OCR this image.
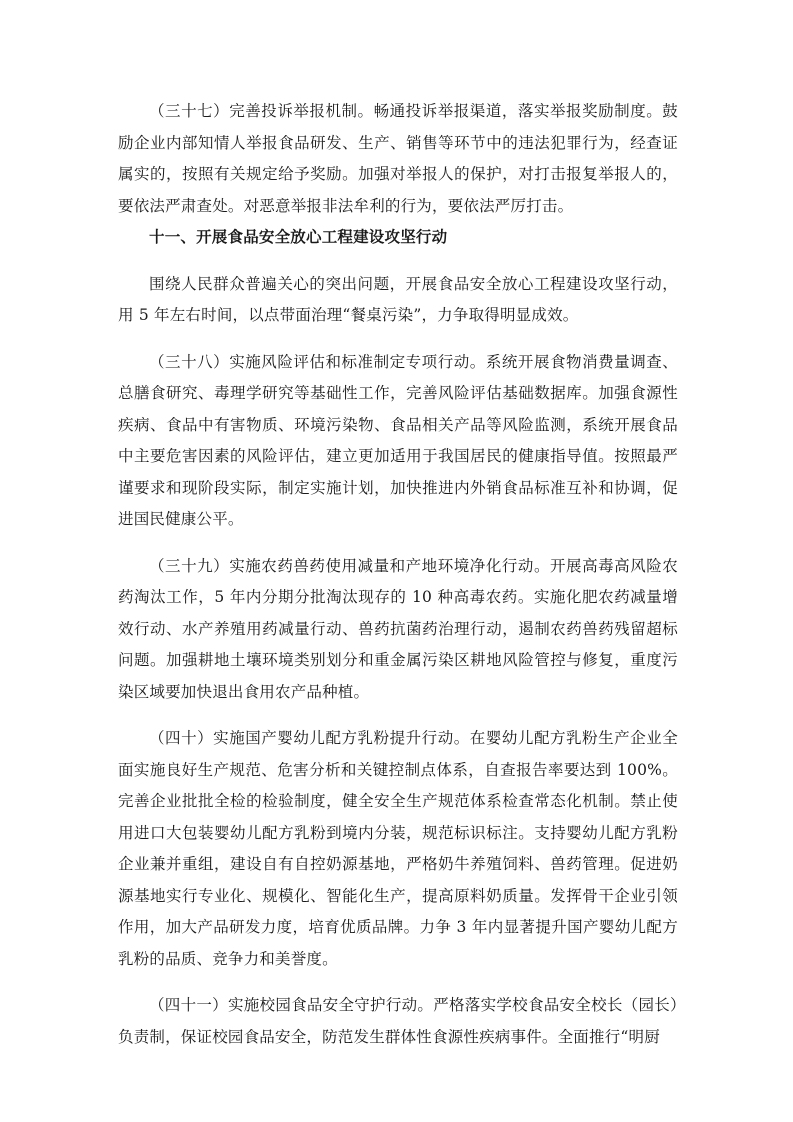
（三十七）完善投诉举报机制。畅通投诉举报渠道，落实举报奖励制度。鼓励企业内部知情人举报食品研发、生产、销售等环节中的违法犯罪行为，经查证属实的，按照有关规定给予奖励。加强对举报人的保护，对打击报复举报人的，要依法严肃查处。对恶意举报非法牟利的行为，要依法严厉打击。

十一、开展食品安全放心工程建设攻坚行动

围绕人民群众普遍关心的突出问题，开展食品安全放心工程建设攻坚行动，用 5 年左右时间，以点带面治理“餐桌污染”，力争取得明显成效。

（三十八）实施风险评估和标准制定专项行动。系统开展食物消费量调查、总膳食研究、毒理学研究等基础性工作，完善风险评估基础数据库。加强食源性疾病、食品中有害物质、环境污染物、食品相关产品等风险监测，系统开展食品中主要危害因素的风险评估，建立更加适用于我国居民的健康指导值。按照最严谨要求和现阶段实际，制定实施计划，加快推进内外销食品标准互补和协调，促进国民健康公平。

（三十九）实施农药兽药使用减量和产地环境净化行动。开展高毒高风险农药淘汰工作，5 年内分期分批淘汰现存的 10 种高毒农药。实施化肥农药减量增效行动、水产养殖用药减量行动、兽药抗菌药治理行动，遏制农药兽药残留超标问题。加强耕地土壤环境类别划分和重金属污染区耕地风险管控与修复，重度污染区域要加快退出食用农产品种植。

（四十）实施国产婴幼儿配方乳粉提升行动。在婴幼儿配方乳粉生产企业全面实施良好生产规范、危害分析和关键控制点体系，自查报告率要达到 100%。完善企业批批全检的检验制度，健全安全生产规范体系检查常态化机制。禁止使用进口大包装婴幼儿配方乳粉到境内分装，规范标识标注。支持婴幼儿配方乳粉企业兼并重组，建设自有自控奶源基地，严格奶牛养殖饲料、兽药管理。促进奶源基地实行专业化、规模化、智能化生产，提高原料奶质量。发挥骨干企业引领作用，加大产品研发力度，培育优质品牌。力争 3 年内显著提升国产婴幼儿配方乳粉的品质、竞争力和美誉度。

（四十一）实施校园食品安全守护行动。严格落实学校食品安全校长（园长）负责制，保证校园食品安全，防范发生群体性食源性疾病事件。全面推行“明厨
